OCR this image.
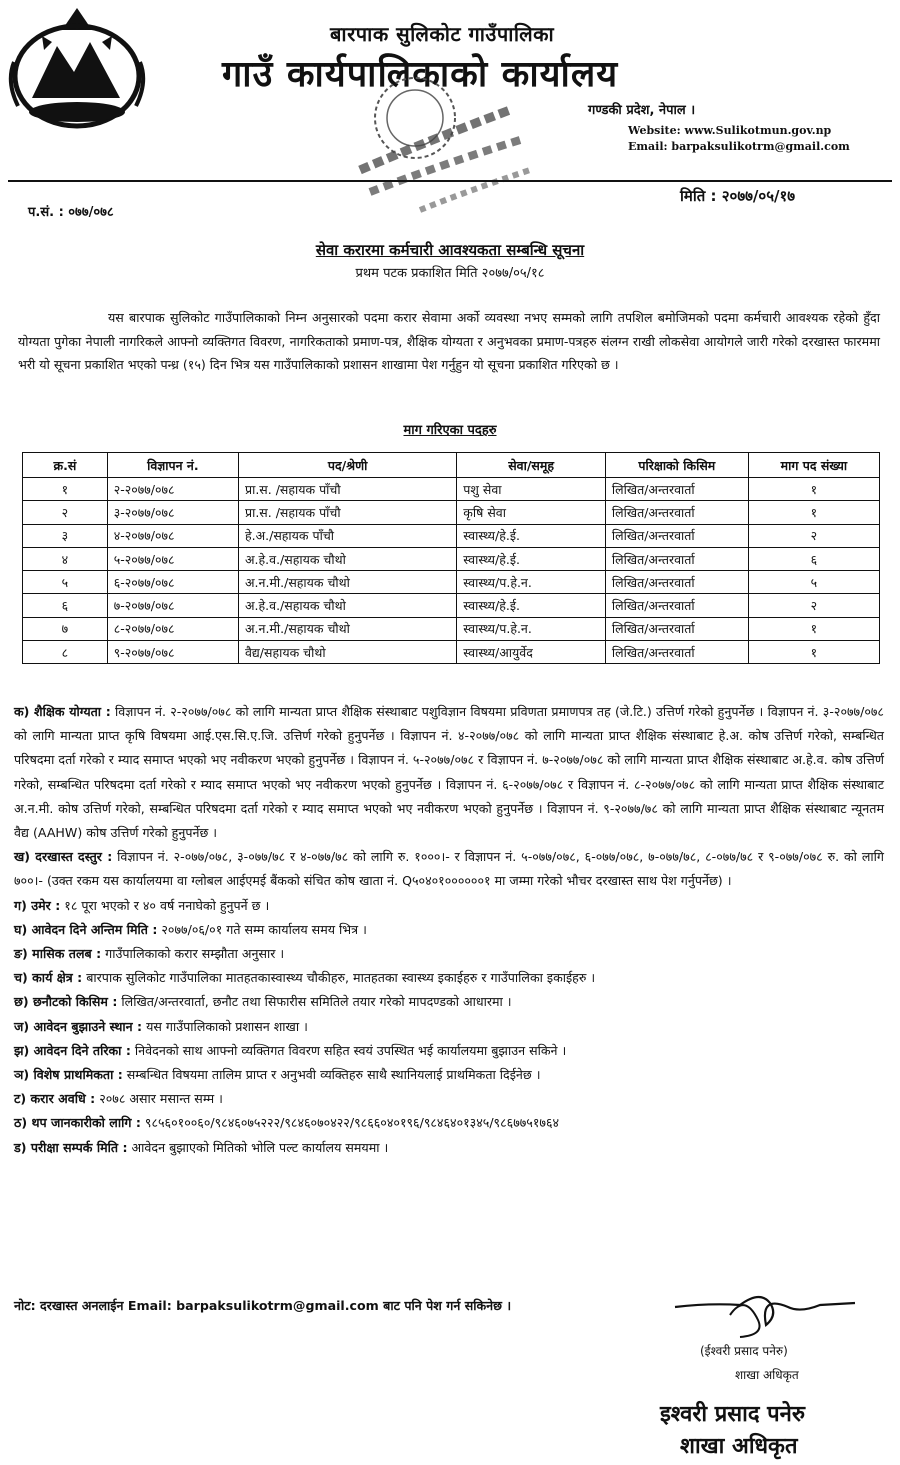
बारपाक सुलिकोट गाउँपालिका
गाउँ कार्यपालिकाको कार्यालय
गण्डकी प्रदेश, नेपाल ।
Website: www.Sulikotmun.gov.np
Email: barpaksulikotrm@gmail.com
प.सं. : ०७७/०७८
मिति : २०७७/०५/१७
सेवा करारमा कर्मचारी आवश्यकता सम्बन्धि सूचना
प्रथम पटक प्रकाशित मिति २०७७/०५/१८

यस बारपाक सुलिकोट गाउँपालिकाको निम्न अनुसारको पदमा करार सेवामा अर्को व्यवस्था नभए सम्मको लागि तपशिल बमोजिमको पदमा कर्मचारी आवश्यक रहेको हुँदा योग्यता पुगेका नेपाली नागरिकले आफ्नो व्यक्तिगत विवरण, नागरिकताको प्रमाण-पत्र, शैक्षिक योग्यता र अनुभवका प्रमाण-पत्रहरु संलग्न राखी लोकसेवा आयोगले जारी गरेको दरखास्त फारममा भरी यो सूचना प्रकाशित भएको पन्ध्र (१५) दिन भित्र यस गाउँपालिकाको प्रशासन शाखामा पेश गर्नुहुन यो सूचना प्रकाशित गरिएको छ ।

माग गरिएका पदहरु
क्र.सं	विज्ञापन नं.	पद/श्रेणी	सेवा/समूह	परिक्षाको किसिम	माग पद संख्या
१	२-२०७७/०७८	प्रा.स. /सहायक पाँचौ	पशु सेवा	लिखित/अन्तरवार्ता	१
२	३-२०७७/०७८	प्रा.स. /सहायक पाँचौ	कृषि सेवा	लिखित/अन्तरवार्ता	१
३	४-२०७७/०७८	हे.अ./सहायक पाँचौ	स्वास्थ्य/हे.ई.	लिखित/अन्तरवार्ता	२
४	५-२०७७/०७८	अ.हे.व./सहायक चौथो	स्वास्थ्य/हे.ई.	लिखित/अन्तरवार्ता	६
५	६-२०७७/०७८	अ.न.मी./सहायक चौथो	स्वास्थ्य/प.हे.न.	लिखित/अन्तरवार्ता	५
६	७-२०७७/०७८	अ.हे.व./सहायक चौथो	स्वास्थ्य/हे.ई.	लिखित/अन्तरवार्ता	२
७	८-२०७७/०७८	अ.न.मी./सहायक चौथो	स्वास्थ्य/प.हे.न.	लिखित/अन्तरवार्ता	१
८	९-२०७७/०७८	वैद्य/सहायक चौथो	स्वास्थ्य/आयुर्वेद	लिखित/अन्तरवार्ता	१

क) शैक्षिक योग्यता : विज्ञापन नं. २-२०७७/०७८ को लागि मान्यता प्राप्त शैक्षिक संस्थाबाट पशुविज्ञान विषयमा प्रविणता प्रमाणपत्र तह (जे.टि.) उत्तिर्ण गरेको हुनुपर्नेछ । विज्ञापन नं. ३-२०७७/०७८ को लागि मान्यता प्राप्त कृषि विषयमा आई.एस.सि.ए.जि. उत्तिर्ण गरेको हुनुपर्नेछ । विज्ञापन नं. ४-२०७७/०७८ को लागि मान्यता प्राप्त शैक्षिक संस्थाबाट हे.अ. कोष उत्तिर्ण गरेको, सम्बन्धित परिषदमा दर्ता गरेको र म्याद समाप्त भएको भए नवीकरण भएको हुनुपर्नेछ । विज्ञापन नं. ५-२०७७/०७८ र विज्ञापन नं. ७-२०७७/०७८ को लागि मान्यता प्राप्त शैक्षिक संस्थाबाट अ.हे.व. कोष उत्तिर्ण गरेको, सम्बन्धित परिषदमा दर्ता गरेको र म्याद समाप्त भएको भए नवीकरण भएको हुनुपर्नेछ । विज्ञापन नं. ६-२०७७/०७८ र विज्ञापन नं. ८-२०७७/०७८ को लागि मान्यता प्राप्त शैक्षिक संस्थाबाट अ.न.मी. कोष उत्तिर्ण गरेको, सम्बन्धित परिषदमा दर्ता गरेको र म्याद समाप्त भएको भए नवीकरण भएको हुनुपर्नेछ । विज्ञापन नं. ९-२०७७/७८ को लागि मान्यता प्राप्त शैक्षिक संस्थाबाट न्यूनतम वैद्य (AAHW) कोष उत्तिर्ण गरेको हुनुपर्नेछ ।

ख) दरखास्त दस्तुर : विज्ञापन नं. २-०७७/०७८, ३-०७७/७८ र ४-०७७/७८ को लागि रु. १०००।- र विज्ञापन नं. ५-०७७/०७८, ६-०७७/०७८, ७-०७७/७८, ८-०७७/७८ र ९-०७७/०७८ रु. को लागि ७००।- (उक्त रकम यस कार्यालयमा वा ग्लोबल आईएमई बैंकको संचित कोष खाता नं. Q५०४०१००००००१ मा जम्मा गरेको भौचर दरखास्त साथ पेश गर्नुपर्नेछ) ।

ग) उमेर : १८ पूरा भएको र ४० वर्ष ननाघेको हुनुपर्ने छ ।

घ) आवेदन दिने अन्तिम मिति : २०७७/०६/०१ गते सम्म कार्यालय समय भित्र ।

ङ) मासिक तलब : गाउँपालिकाको करार सम्झौता अनुसार ।

च) कार्य क्षेत्र : बारपाक सुलिकोट गाउँपालिका मातहतकास्वास्थ्य चौकीहरु, मातहतका स्वास्थ्य इकाईहरु र गाउँपालिका इकाईहरु ।

छ) छनौटको किसिम : लिखित/अन्तरवार्ता, छनौट तथा सिफारीस समितिले तयार गरेको मापदण्डको आधारमा ।

ज) आवेदन बुझाउने स्थान : यस गाउँपालिकाको प्रशासन शाखा ।

झ) आवेदन दिने तरिका : निवेदनको साथ आफ्नो व्यक्तिगत विवरण सहित स्वयं उपस्थित भई कार्यालयमा बुझाउन सकिने ।

ञ) विशेष प्राथमिकता : सम्बन्धित विषयमा तालिम प्राप्त र अनुभवी व्यक्तिहरु साथै स्थानियलाई प्राथमिकता दिईनेछ ।

ट) करार अवधि : २०७८ असार मसान्त सम्म ।

ठ) थप जानकारीको लागि : ९८५६०१००६०/९८४६०७५२२२/९८४६०७०४२२/९८६६०४०१९६/९८४६४०१३४५/९८६७७५१७६४

ड) परीक्षा सम्पर्क मिति : आवेदन बुझाएको मितिको भोलि पल्ट कार्यालय समयमा ।

नोट: दरखास्त अनलाईन Email: barpaksulikotrm@gmail.com बाट पनि पेश गर्न सकिनेछ ।
(ईश्वरी प्रसाद पनेरु)
शाखा अधिकृत
इश्वरी प्रसाद पनेरु
शाखा अधिकृत
